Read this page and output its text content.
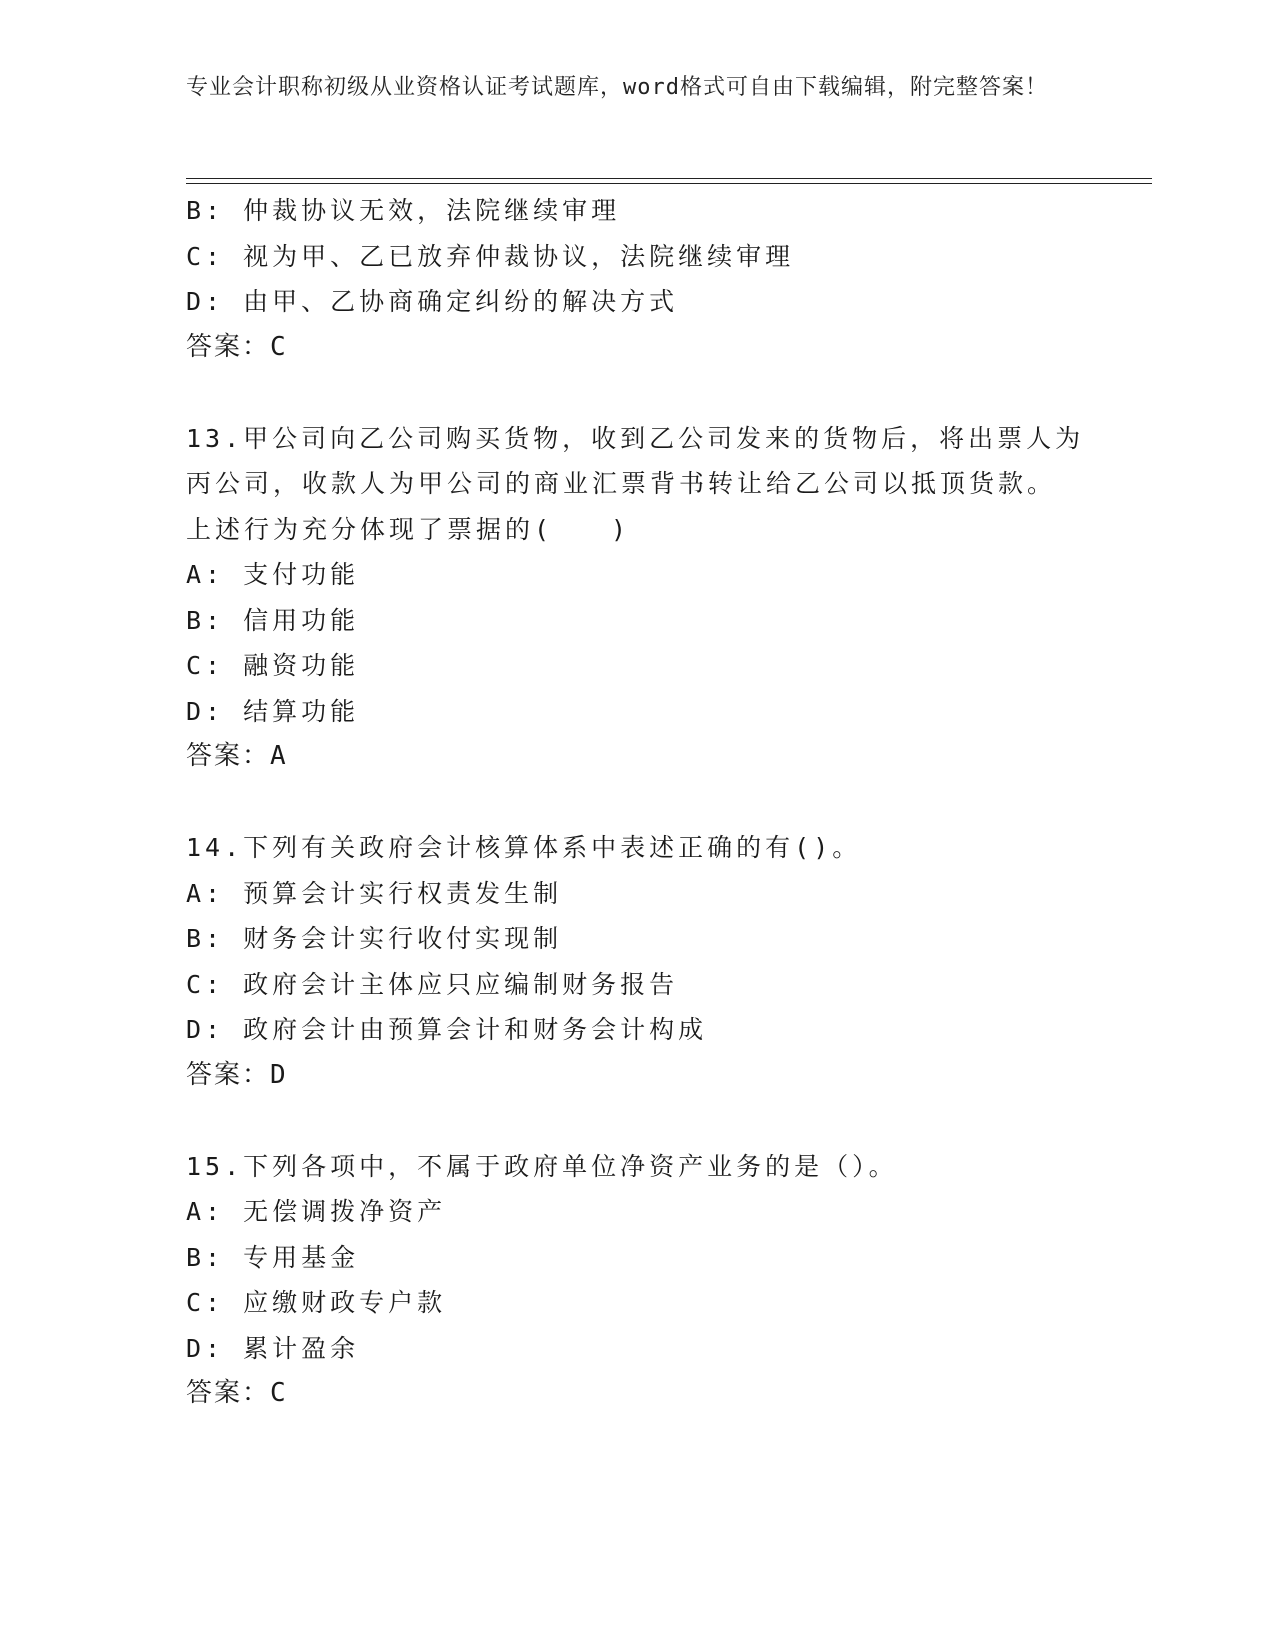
专业会计职称初级从业资格认证考试题库，word格式可自由下载编辑，附完整答案！
B: 仲裁协议无效，法院继续审理
C: 视为甲、乙已放弃仲裁协议，法院继续审理
D: 由甲、乙协商确定纠纷的解决方式
答案：C
13.甲公司向乙公司购买货物，收到乙公司发来的货物后，将出票人为
丙公司，收款人为甲公司的商业汇票背书转让给乙公司以抵顶货款。
上述行为充分体现了票据的(　　)
A: 支付功能
B: 信用功能
C: 融资功能
D: 结算功能
答案：A
14.下列有关政府会计核算体系中表述正确的有()。
A: 预算会计实行权责发生制
B: 财务会计实行收付实现制
C: 政府会计主体应只应编制财务报告
D: 政府会计由预算会计和财务会计构成
答案：D
15.下列各项中，不属于政府单位净资产业务的是（）。
A: 无偿调拨净资产
B: 专用基金
C: 应缴财政专户款
D: 累计盈余
答案：C
